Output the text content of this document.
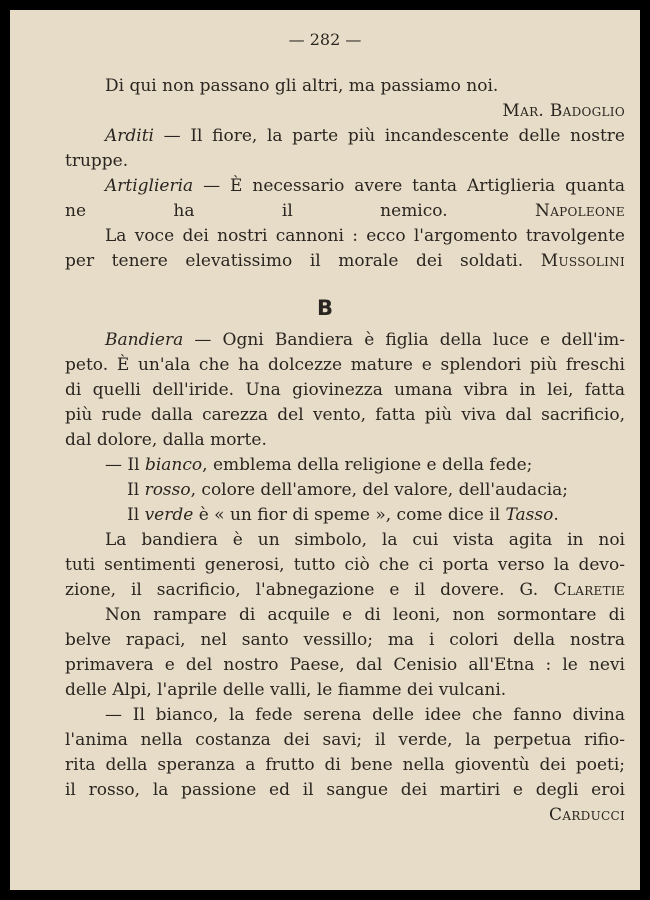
— 282 —
Di qui non passano gli altri, ma passiamo noi.
Mar. Badoglio
Arditi — Il fiore, la parte più incandescente delle nostre
truppe.
Artiglieria — È necessario avere tanta Artiglieria quanta
ne ha il nemico.	Napoleone
La voce dei nostri cannoni : ecco l'argomento travolgente
per tenere elevatissimo il morale dei soldati. Mussolini
B
Bandiera — Ogni Bandiera è figlia della luce e dell'im-
peto. È un'ala che ha dolcezze mature e splendori più freschi
di quelli dell'iride. Una giovinezza umana vibra in lei, fatta
più rude dalla carezza del vento, fatta più viva dal sacrificio,
dal dolore, dalla morte.
— Il bianco, emblema della religione e della fede;
Il rosso, colore dell'amore, del valore, dell'audacia;
Il verde è « un fior di speme », come dice il Tasso.
La bandiera è un simbolo, la cui vista agita in noi
tuti sentimenti generosi, tutto ciò che ci porta verso la devo-
zione, il sacrificio, l'abnegazione e il dovere. G. Claretie
Non rampare di acquile e di leoni, non sormontare di
belve rapaci, nel santo vessillo; ma i colori della nostra
primavera e del nostro Paese, dal Cenisio all'Etna : le nevi
delle Alpi, l'aprile delle valli, le fiamme dei vulcani.
— Il bianco, la fede serena delle idee che fanno divina
l'anima nella costanza dei savi; il verde, la perpetua rifio-
rita della speranza a frutto di bene nella gioventù dei poeti;
il rosso, la passione ed il sangue dei martiri e degli eroi
Carducci
